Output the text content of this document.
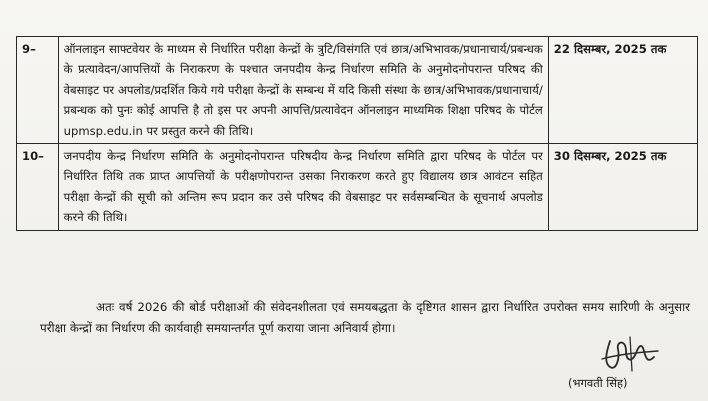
9–	ऑनलाइन साफ्टवेयर के माध्यम से निर्धारित परीक्षा केन्द्रों के त्रुटि/विसंगति एवं छात्र/अभिभावक/प्रधानाचार्य/प्रबन्धक के प्रत्यावेदन/आपत्तियों के निराकरण के पश्चात जनपदीय केन्द्र निर्धारण समिति के अनुमोदनोपरान्त परिषद की वेबसाइट पर अपलोड/प्रदर्शित किये गये परीक्षा केन्द्रों के सम्बन्ध में यदि किसी संस्था के छात्र/अभिभावक/प्रधानाचार्य/प्रबन्धक को पुनः कोई आपत्ति है तो इस पर अपनी आपत्ति/प्रत्यावेदन ऑनलाइन माध्यमिक शिक्षा परिषद के पोर्टल upmsp.edu.in पर प्रस्तुत करने की तिथि।	22 दिसम्बर, 2025 तक
10–	जनपदीय केन्द्र निर्धारण समिति के अनुमोदनोपरान्त परिषदीय केन्द्र निर्धारण समिति द्वारा परिषद के पोर्टल पर निर्धारित तिथि तक प्राप्त आपत्तियों के परीक्षणोपरान्त उसका निराकरण करते हुए विद्यालय छात्र आवंटन सहित परीक्षा केन्द्रों की सूची को अन्तिम रूप प्रदान कर उसे परिषद की वेबसाइट पर सर्वसम्बन्धित के सूचनार्थ अपलोड करने की तिथि।	30 दिसम्बर, 2025 तक
अतः वर्ष 2026 की बोर्ड परीक्षाओं की संवेदनशीलता एवं समयबद्धता के दृष्टिगत शासन द्वारा निर्धारित उपरोक्त समय सारिणी के अनुसार परीक्षा केन्द्रों का निर्धारण की कार्यवाही समयान्तर्गत पूर्ण कराया जाना अनिवार्य होगा।
(भगवती सिंह)
